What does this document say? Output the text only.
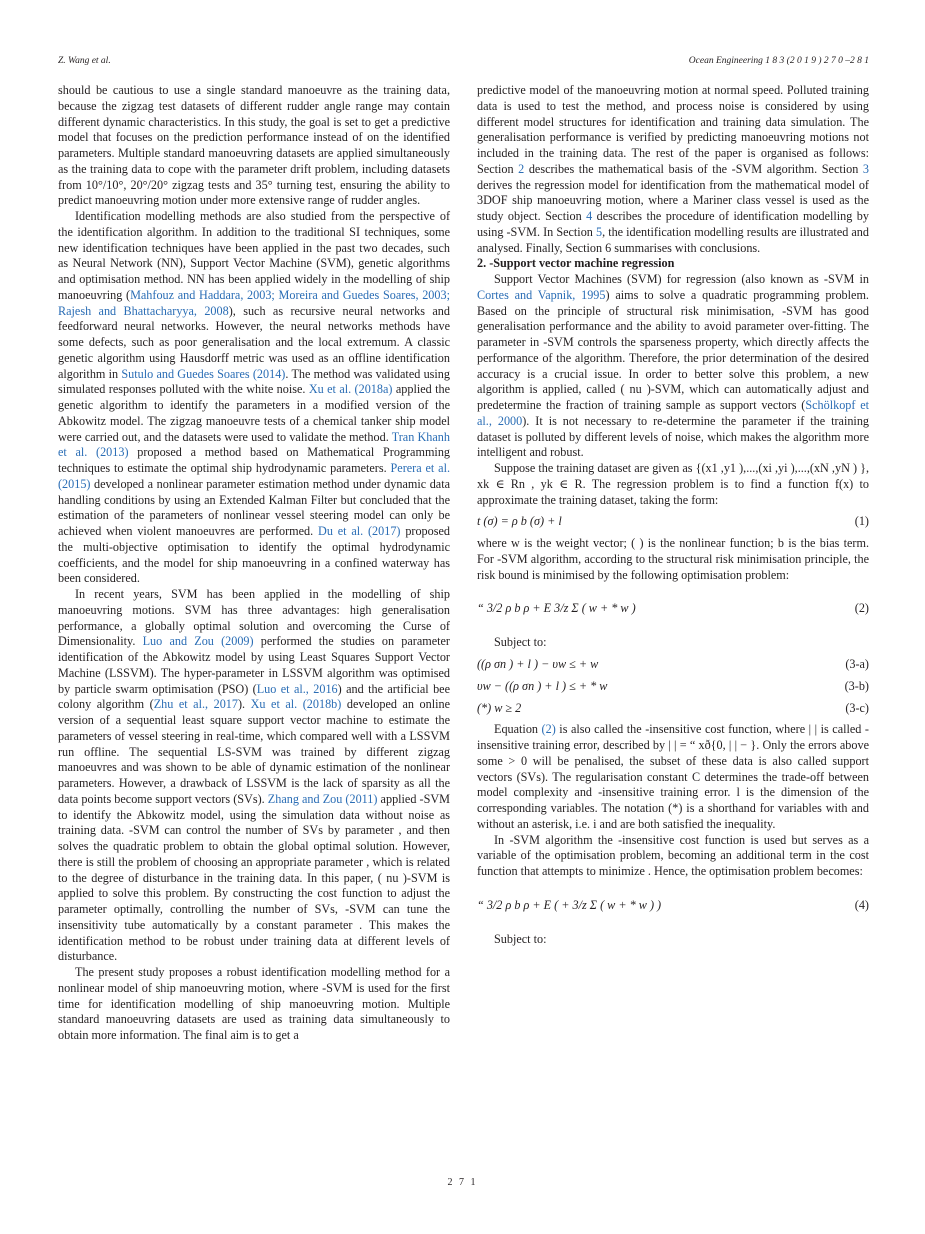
Z. Wang et al.	Ocean Engineering 1 8 3 (2 0 1 9 ) 2 7 0 –2 8 1

should be cautious to use a single standard manoeuvre as the training data, because the zigzag test datasets of different rudder angle range may contain different dynamic characteristics. In this study, the goal is set to get a predictive model that focuses on the prediction performance instead of on the identified parameters. Multiple standard manoeuvring datasets are applied simultaneously as the training data to cope with the parameter drift problem, including datasets from 10°/10°, 20°/20° zigzag tests and 35° turning test, ensuring the ability to predict manoeuvring motion under more extensive range of rudder angles.

Identification modelling methods are also studied from the perspective of the identification algorithm. In addition to the traditional SI techniques, some new identification techniques have been applied in the past two decades, such as Neural Network (NN), Support Vector Machine (SVM), genetic algorithms and optimisation method. NN has been applied widely in the modelling of ship manoeuvring (Mahfouz and Haddara, 2003; Moreira and Guedes Soares, 2003; Rajesh and Bhattacharyya, 2008), such as recursive neural networks and feedforward neural networks. However, the neural networks methods have some defects, such as poor generalisation and the local extremum. A classic genetic algorithm using Hausdorff metric was used as an offline identification algorithm in Sutulo and Guedes Soares (2014). The method was validated using simulated responses polluted with the white noise. Xu et al. (2018a) applied the genetic algorithm to identify the parameters in a modified version of the Abkowitz model. The zigzag manoeuvre tests of a chemical tanker ship model were carried out, and the datasets were used to validate the method. Tran Khanh et al. (2013) proposed a method based on Mathematical Programming techniques to estimate the optimal ship hydrodynamic parameters. Perera et al. (2015) developed a nonlinear parameter estimation method under dynamic data handling conditions by using an Extended Kalman Filter but concluded that the estimation of the parameters of nonlinear vessel steering model can only be achieved when violent manoeuvres are performed. Du et al. (2017) proposed the multi-objective optimisation to identify the optimal hydrodynamic coefficients, and the model for ship manoeuvring in a confined waterway has been considered.

In recent years, SVM has been applied in the modelling of ship manoeuvring motions. SVM has three advantages: high generalisation performance, a globally optimal solution and overcoming the Curse of Dimensionality. Luo and Zou (2009) performed the studies on parameter identification of the Abkowitz model by using Least Squares Support Vector Machine (LSSVM). The hyper-parameter in LSSVM algorithm was optimised by particle swarm optimisation (PSO) (Luo et al., 2016) and the artificial bee colony algorithm (Zhu et al., 2017). Xu et al. (2018b) developed an online version of a sequential least square support vector machine to estimate the parameters of vessel steering in real-time, which compared well with a LSSVM run offline. The sequential LS-SVM was trained by different zigzag manoeuvres and was shown to be able of dynamic estimation of the nonlinear parameters. However, a drawback of LSSVM is the lack of sparsity as all the data points become support vectors (SVs). Zhang and Zou (2011) applied -SVM to identify the Abkowitz model, using the simulation data without noise as training data. -SVM can control the number of SVs by parameter , and then solves the quadratic problem to obtain the global optimal solution. However, there is still the problem of choosing an appropriate parameter , which is related to the degree of disturbance in the training data. In this paper, ( nu )-SVM is applied to solve this problem. By constructing the cost function to adjust the parameter optimally, controlling the number of SVs, -SVM can tune the insensitivity tube automatically by a constant parameter . This makes the identification method to be robust under training data at different levels of disturbance.

The present study proposes a robust identification modelling method for a nonlinear model of ship manoeuvring motion, where -SVM is used for the first time for identification modelling of ship manoeuvring motion. Multiple standard manoeuvring datasets are used as training data simultaneously to obtain more information. The final aim is to get a

predictive model of the manoeuvring motion at normal speed. Polluted training data is used to test the method, and process noise is considered by using different model structures for identification and training data simulation. The generalisation performance is verified by predicting manoeuvring motions not included in the training data. The rest of the paper is organised as follows: Section 2 describes the mathematical basis of the -SVM algorithm. Section 3 derives the regression model for identification from the mathematical model of 3DOF ship manoeuvring motion, where a Mariner class vessel is used as the study object. Section 4 describes the procedure of identification modelling by using -SVM. In Section 5, the identification modelling results are illustrated and analysed. Finally, Section 6 summarises with conclusions.

2. -Support vector machine regression

Support Vector Machines (SVM) for regression (also known as -SVM in Cortes and Vapnik, 1995) aims to solve a quadratic programming problem. Based on the principle of structural risk minimisation, -SVM has good generalisation performance and the ability to avoid parameter over-fitting. The parameter in -SVM controls the sparseness property, which directly affects the performance of the algorithm. Therefore, the prior determination of the desired accuracy is a crucial issue. In order to better solve this problem, a new algorithm is applied, called ( nu )-SVM, which can automatically adjust and predetermine the fraction of training sample as support vectors (Schölkopf et al., 2000). It is not necessary to re-determine the parameter if the training dataset is polluted by different levels of noise, which makes the algorithm more intelligent and robust.

Suppose the training dataset are given as {(x1 ,y1 ),...,(xi ,yi ),...,(xN ,yN ) }, xk ∈ Rn , yk ∈ R. The regression problem is to find a function f(x) to approximate the training dataset, taking the form:

t (σ) = ρ b (σ) + l	(1)

where w is the weight vector; ( ) is the nonlinear function; b is the bias term. For -SVM algorithm, according to the structural risk minimisation principle, the risk bound is minimised by the following optimisation problem:

“ 3/2 ρ b ρ + E 3/z Σ ( w + * w )	(2)

Subject to:

((ρ σn ) + l ) − υw ≤ + w	(3-a)
υw − ((ρ σn ) + l ) ≤ + * w	(3-b)
(*) w ≥ 2	(3-c)

Equation (2) is also called the -insensitive cost function, where | | is called -insensitive training error, described by | | = “ xð{0, | | − }. Only the errors above some > 0 will be penalised, the subset of these data is also called support vectors (SVs). The regularisation constant C determines the trade-off between model complexity and -insensitive training error. l is the dimension of the corresponding variables. The notation (*) is a shorthand for variables with and without an asterisk, i.e. i and are both satisfied the inequality.

In -SVM algorithm the -insensitive cost function is used but serves as a variable of the optimisation problem, becoming an additional term in the cost function that attempts to minimize . Hence, the optimisation problem becomes:

“ 3/2 ρ b ρ + E ( + 3/z Σ ( w + * w ) )	(4)

Subject to:

2 7 1
